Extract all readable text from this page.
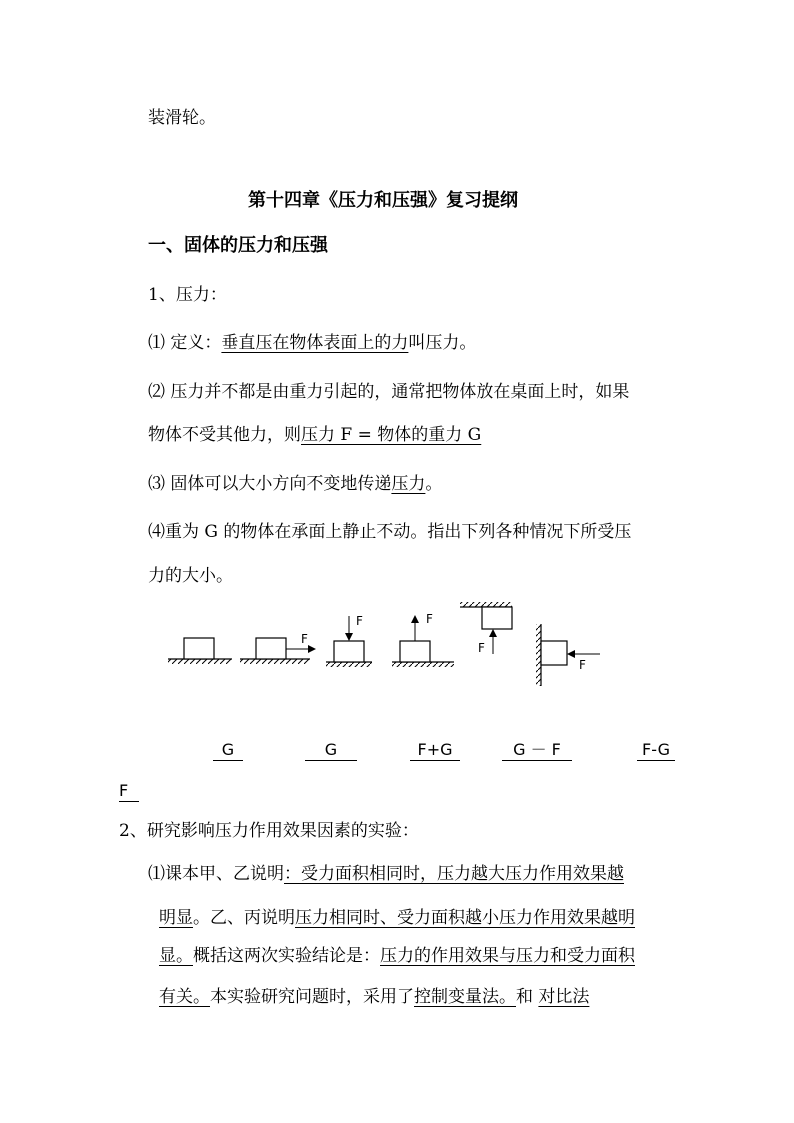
装滑轮。
第十四章《压力和压强》复习提纲
一、固体的压力和压强
1、压力：
⑴ 定义：垂直压在物体表面上的力叫压力。
⑵ 压力并不都是由重力引起的，通常把物体放在桌面上时，如果
物体不受其他力，则压力 F = 物体的重力 G
⑶ 固体可以大小方向不变地传递压力。
⑷重为 G 的物体在承面上静止不动。指出下列各种情况下所受压
力的大小。
F
F	F
F
F
G	G	F+G	G － F	F-G
F
2、研究影响压力作用效果因素的实验：
⑴课本甲、乙说明：受力面积相同时，压力越大压力作用效果越
明显。乙、丙说明压力相同时、受力面积越小压力作用效果越明
显。概括这两次实验结论是：压力的作用效果与压力和受力面积
有关。本实验研究问题时，采用了控制变量法。和 对比法
